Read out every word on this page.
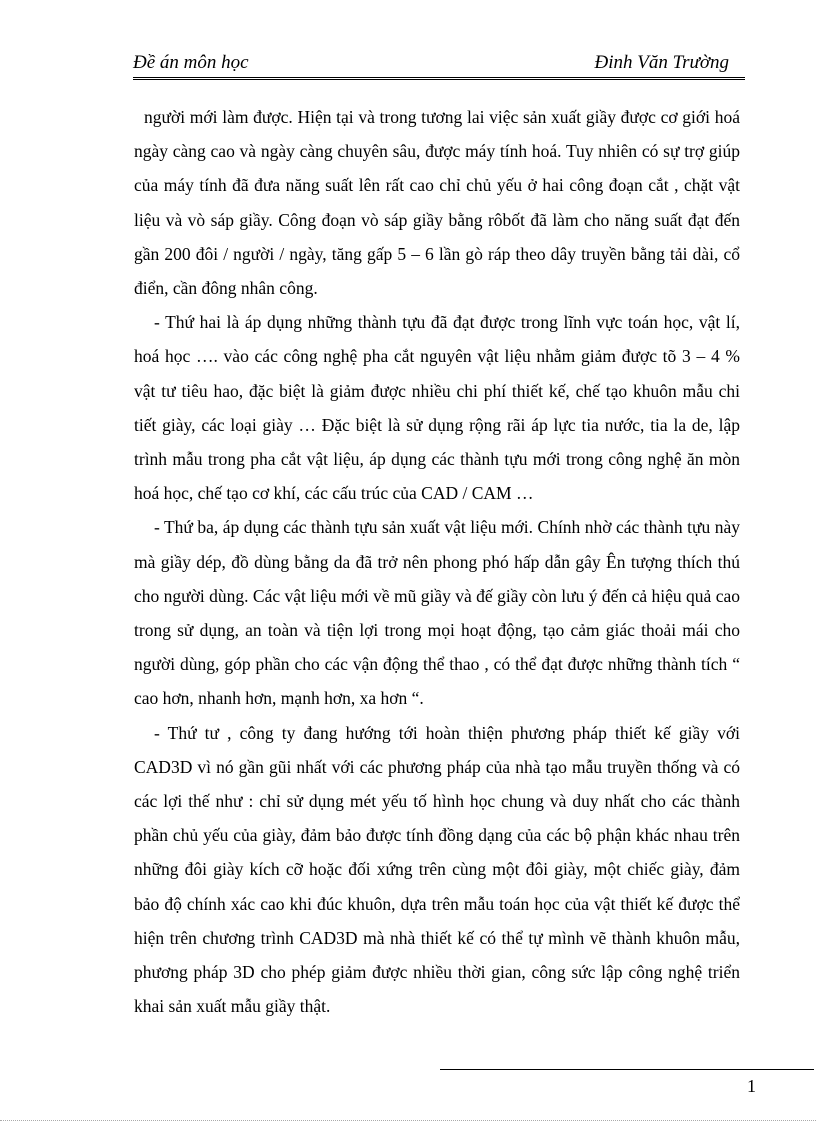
Đề án môn học	Đinh Văn Trường

người mới làm được. Hiện tại và trong tương lai việc sản xuất giầy được cơ giới hoá ngày càng cao và ngày càng chuyên sâu, được máy tính hoá. Tuy nhiên có sự trợ giúp của máy tính đã đưa năng suất lên rất cao chỉ chủ yếu ở hai công đoạn cắt , chặt vật liệu và vò sáp giầy. Công đoạn vò sáp giầy bằng rôbốt đã làm cho năng suất đạt đến gần 200 đôi / người / ngày, tăng gấp 5 – 6 lần gò ráp theo dây truyền bằng tải dài, cổ điển, cần đông nhân công.

- Thứ hai là áp dụng những thành tựu đã đạt được trong lĩnh vực toán học, vật lí, hoá học …. vào các công nghệ pha cắt nguyên vật liệu nhằm giảm được tõ 3 – 4 % vật tư tiêu hao, đặc biệt là giảm được nhiều chi phí thiết kế, chế tạo khuôn mẫu chi tiết giày, các loại giày … Đặc biệt là sử dụng rộng rãi áp lực tia nước, tia la de, lập trình mẫu trong pha cắt vật liệu, áp dụng các thành tựu mới trong công nghệ ăn mòn hoá học, chế tạo cơ khí, các cấu trúc của CAD / CAM …

- Thứ ba, áp dụng các thành tựu sản xuất vật liệu mới. Chính nhờ các thành tựu này mà giầy dép, đồ dùng bằng da đã trở nên phong phó hấp dẫn gây Ên tượng thích thú cho người dùng. Các vật liệu mới về mũ giầy và đế giầy còn lưu ý đến cả hiệu quả cao trong sử dụng, an toàn và tiện lợi trong mọi hoạt động, tạo cảm giác thoải mái cho người dùng, góp phần cho các vận động thể thao , có thể đạt được những thành tích “ cao hơn, nhanh hơn, mạnh hơn, xa hơn “.

- Thứ tư , công ty đang hướng tới hoàn thiện phương pháp thiết kế giầy với CAD3D vì nó gần gũi nhất với các phương pháp của nhà tạo mẫu truyền thống và có các lợi thế như : chỉ sử dụng mét yếu tố hình học chung và duy nhất cho các thành phần chủ yếu của giày, đảm bảo được tính đồng dạng của các bộ phận khác nhau trên những đôi giày kích cỡ hoặc đối xứng trên cùng một đôi giày, một chiếc giày, đảm bảo độ chính xác cao khi đúc khuôn, dựa trên mẫu toán học của vật thiết kế được thể hiện trên chương trình CAD3D mà nhà thiết kế có thể tự mình vẽ thành khuôn mẫu, phương pháp 3D cho phép giảm được nhiều thời gian, công sức lập công nghệ triển khai sản xuất mẫu giầy thật.

1
